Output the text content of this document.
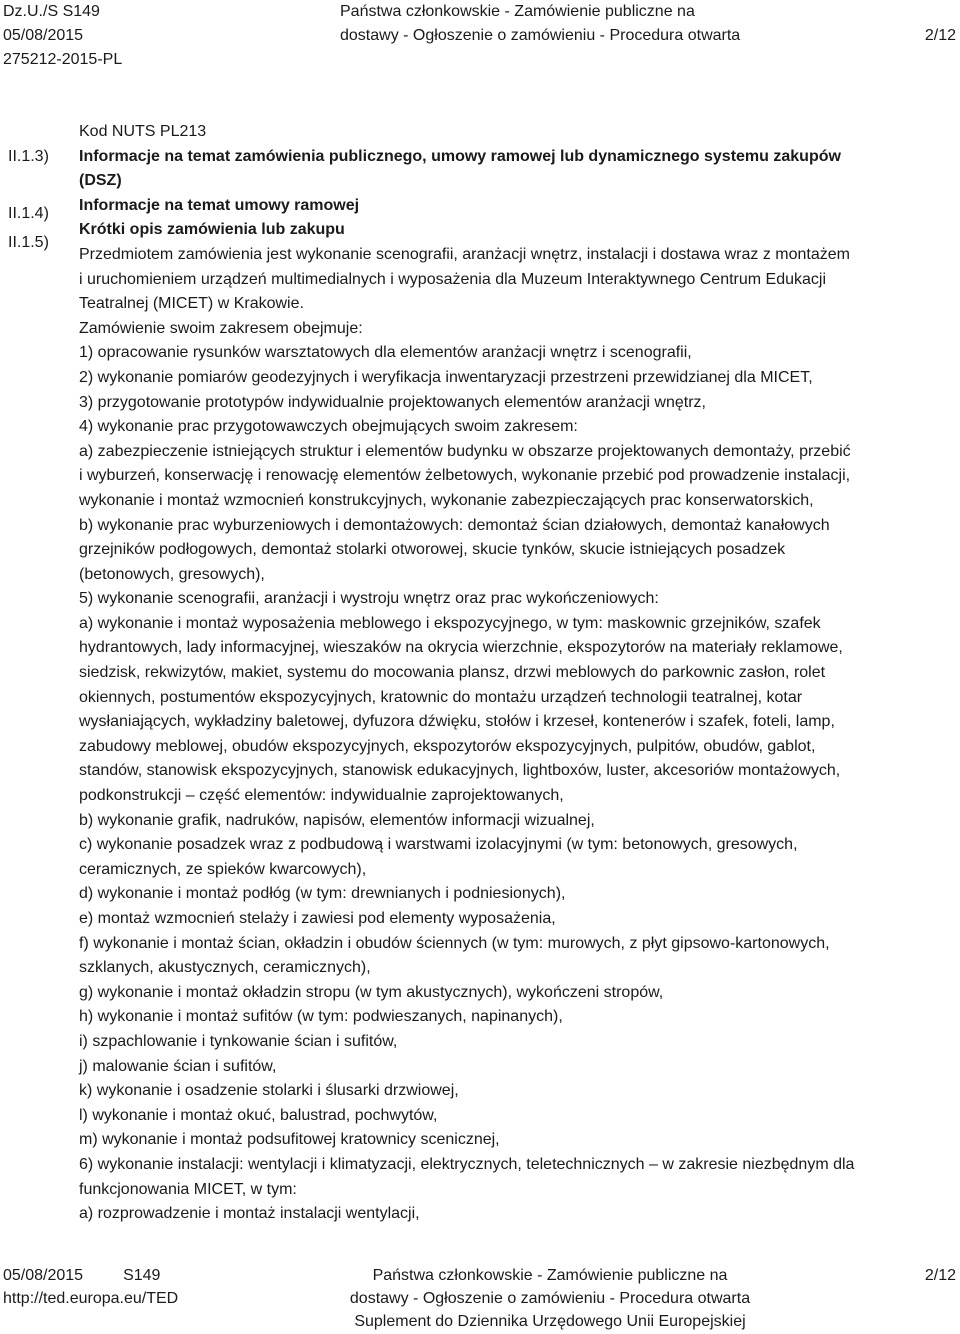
Dz.U./S S149
05/08/2015
275212-2015-PL
Państwa członkowskie - Zamówienie publiczne na
dostawy - Ogłoszenie o zamówieniu - Procedura otwarta	2/12
II.1.3)
II.1.4)
II.1.5)
Kod NUTS PL213
Informacje na temat zamówienia publicznego, umowy ramowej lub dynamicznego systemu zakupów
(DSZ)
Informacje na temat umowy ramowej
Krótki opis zamówienia lub zakupu
Przedmiotem zamówienia jest wykonanie scenografii, aranżacji wnętrz, instalacji i dostawa wraz z montażem
i uruchomieniem urządzeń multimedialnych i wyposażenia dla Muzeum Interaktywnego Centrum Edukacji
Teatralnej (MICET) w Krakowie.
Zamówienie swoim zakresem obejmuje:
1) opracowanie rysunków warsztatowych dla elementów aranżacji wnętrz i scenografii,
2) wykonanie pomiarów geodezyjnych i weryfikacja inwentaryzacji przestrzeni przewidzianej dla MICET,
3) przygotowanie prototypów indywidualnie projektowanych elementów aranżacji wnętrz,
4) wykonanie prac przygotowawczych obejmujących swoim zakresem:
a) zabezpieczenie istniejących struktur i elementów budynku w obszarze projektowanych demontaży, przebić
i wyburzeń, konserwację i renowację elementów żelbetowych, wykonanie przebić pod prowadzenie instalacji,
wykonanie i montaż wzmocnień konstrukcyjnych, wykonanie zabezpieczających prac konserwatorskich,
b) wykonanie prac wyburzeniowych i demontażowych: demontaż ścian działowych, demontaż kanałowych
grzejników podłogowych, demontaż stolarki otworowej, skucie tynków, skucie istniejących posadzek
(betonowych, gresowych),
5) wykonanie scenografii, aranżacji i wystroju wnętrz oraz prac wykończeniowych:
a) wykonanie i montaż wyposażenia meblowego i ekspozycyjnego, w tym: maskownic grzejników, szafek
hydrantowych, lady informacyjnej, wieszaków na okrycia wierzchnie, ekspozytorów na materiały reklamowe,
siedzisk, rekwizytów, makiet, systemu do mocowania plansz, drzwi meblowych do parkownic zasłon, rolet
okiennych, postumentów ekspozycyjnych, kratownic do montażu urządzeń technologii teatralnej, kotar
wysłaniających, wykładziny baletowej, dyfuzora dźwięku, stołów i krzeseł, kontenerów i szafek, foteli, lamp,
zabudowy meblowej, obudów ekspozycyjnych, ekspozytorów ekspozycyjnych, pulpitów, obudów, gablot,
standów, stanowisk ekspozycyjnych, stanowisk edukacyjnych, lightboxów, luster, akcesoriów montażowych,
podkonstrukcji – część elementów: indywidualnie zaprojektowanych,
b) wykonanie grafik, nadruków, napisów, elementów informacji wizualnej,
c) wykonanie posadzek wraz z podbudową i warstwami izolacyjnymi (w tym: betonowych, gresowych,
ceramicznych, ze spieków kwarcowych),
d) wykonanie i montaż podłóg (w tym: drewnianych i podniesionych),
e) montaż wzmocnień stelaży i zawiesi pod elementy wyposażenia,
f) wykonanie i montaż ścian, okładzin i obudów ściennych (w tym: murowych, z płyt gipsowo-kartonowych,
szklanych, akustycznych, ceramicznych),
g) wykonanie i montaż okładzin stropu (w tym akustycznych), wykończeni stropów,
h) wykonanie i montaż sufitów (w tym: podwieszanych, napinanych),
i) szpachlowanie i tynkowanie ścian i sufitów,
j) malowanie ścian i sufitów,
k) wykonanie i osadzenie stolarki i ślusarki drzwiowej,
l) wykonanie i montaż okuć, balustrad, pochwytów,
m) wykonanie i montaż podsufitowej kratownicy scenicznej,
6) wykonanie instalacji: wentylacji i klimatyzacji, elektrycznych, teletechnicznych – w zakresie niezbędnym dla
funkcjonowania MICET, w tym:
a) rozprowadzenie i montaż instalacji wentylacji,
05/08/2015	S149
http://ted.europa.eu/TED
Państwa członkowskie - Zamówienie publiczne na
dostawy - Ogłoszenie o zamówieniu - Procedura otwarta
Suplement do Dziennika Urzędowego Unii Europejskiej
2/12
